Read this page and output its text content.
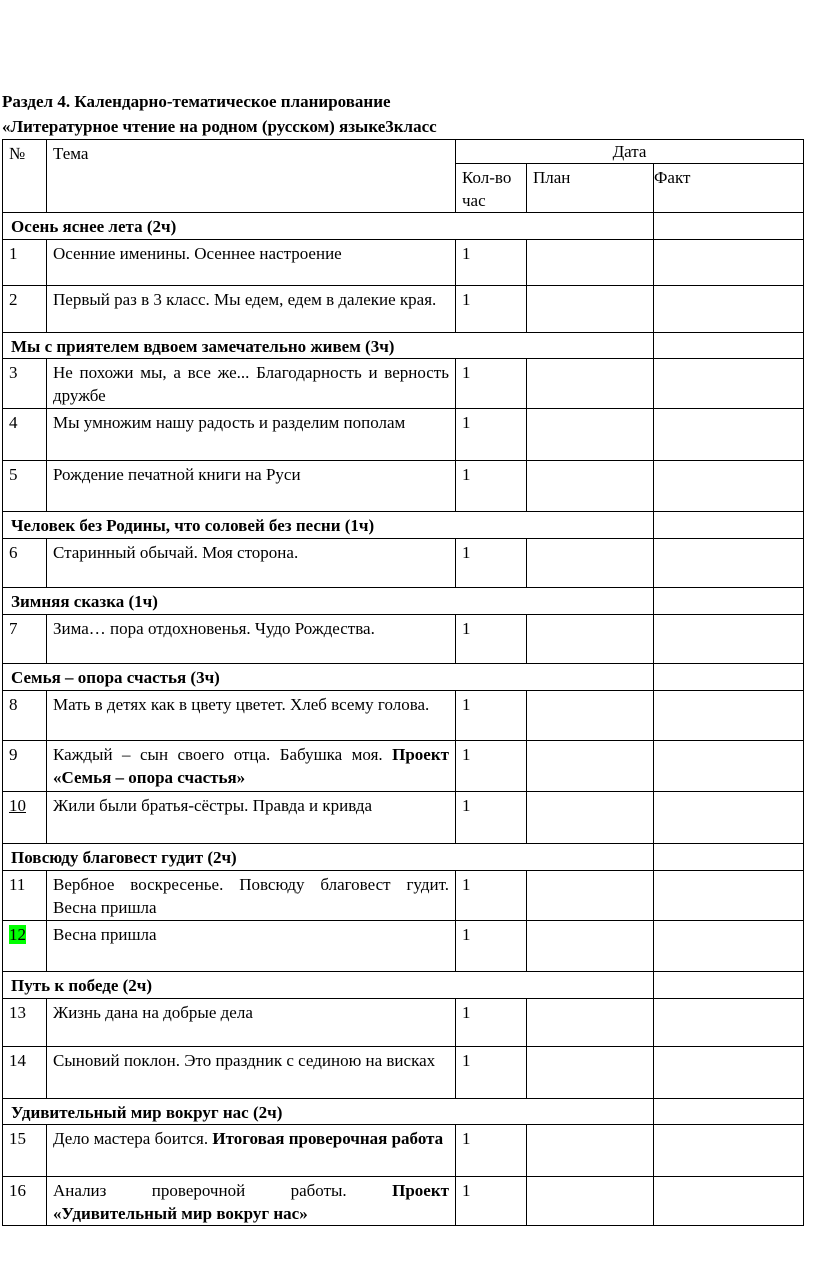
Раздел 4. Календарно-тематическое планирование
«Литературное чтение на родном (русском) языке3класс
№	Тема	Дата		
		Кол-во час	План	Факт
Осень яснее лета (2ч)				
1	Осенние именины. Осеннее настроение	1		
2	Первый раз в 3 класс. Мы едем, едем в далекие края.	1		
Мы с приятелем вдвоем замечательно живем (3ч)				
3	Не похожи мы, а все же... Благодарность и верность дружбе	1		
4	Мы умножим нашу радость и разделим пополам	1		
5	Рождение печатной книги на Руси	1		
Человек без Родины, что соловей без песни (1ч)				
6	Старинный обычай. Моя сторона.	1		
Зимняя сказка (1ч)				
7	Зима… пора отдохновенья. Чудо Рождества.	1		
Семья – опора счастья (3ч)				
8	Мать в детях как в цвету цветет. Хлеб всему голова.	1		
9	Каждый – сын своего отца. Бабушка моя. Проект «Семья – опора счастья»	1		
10	Жили были братья-сёстры. Правда и кривда	1		
Повсюду благовест гудит (2ч)				
11	Вербное воскресенье. Повсюду благовест гудит. Весна пришла	1		
12	Весна пришла	1		
Путь к победе (2ч)				
13	Жизнь дана на добрые дела	1		
14	Сыновий поклон. Это праздник с сединою на висках	1		
Удивительный мир вокруг нас (2ч)				
15	Дело мастера боится. Итоговая проверочная работа	1		
16	Анализ проверочной работы. Проект «Удивительный мир вокруг нас»	1		
